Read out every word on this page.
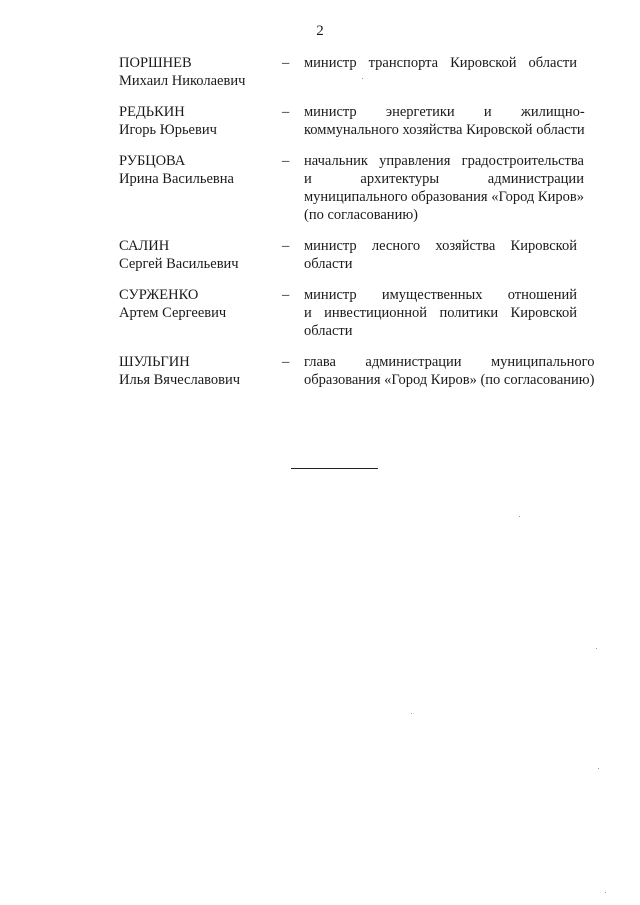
2
ПОРШНЕВ
Михаил Николаевич
–	министр транспорта Кировской области
РЕДЬКИН
Игорь Юрьевич
–	министр энергетики и жилищно-
коммунального хозяйства Кировской области
РУБЦОВА
Ирина Васильевна
–	начальник управления градостроительства
и архитектуры администрации
муниципального образования «Город Киров»
(по согласованию)
САЛИН
Сергей Васильевич
–	министр лесного хозяйства Кировской
области
СУРЖЕНКО
Артем Сергеевич
–	министр имущественных отношений
и инвестиционной политики Кировской
области
ШУЛЬГИН
Илья Вячеславович
–	глава администрации муниципального
образования «Город Киров» (по согласованию)
